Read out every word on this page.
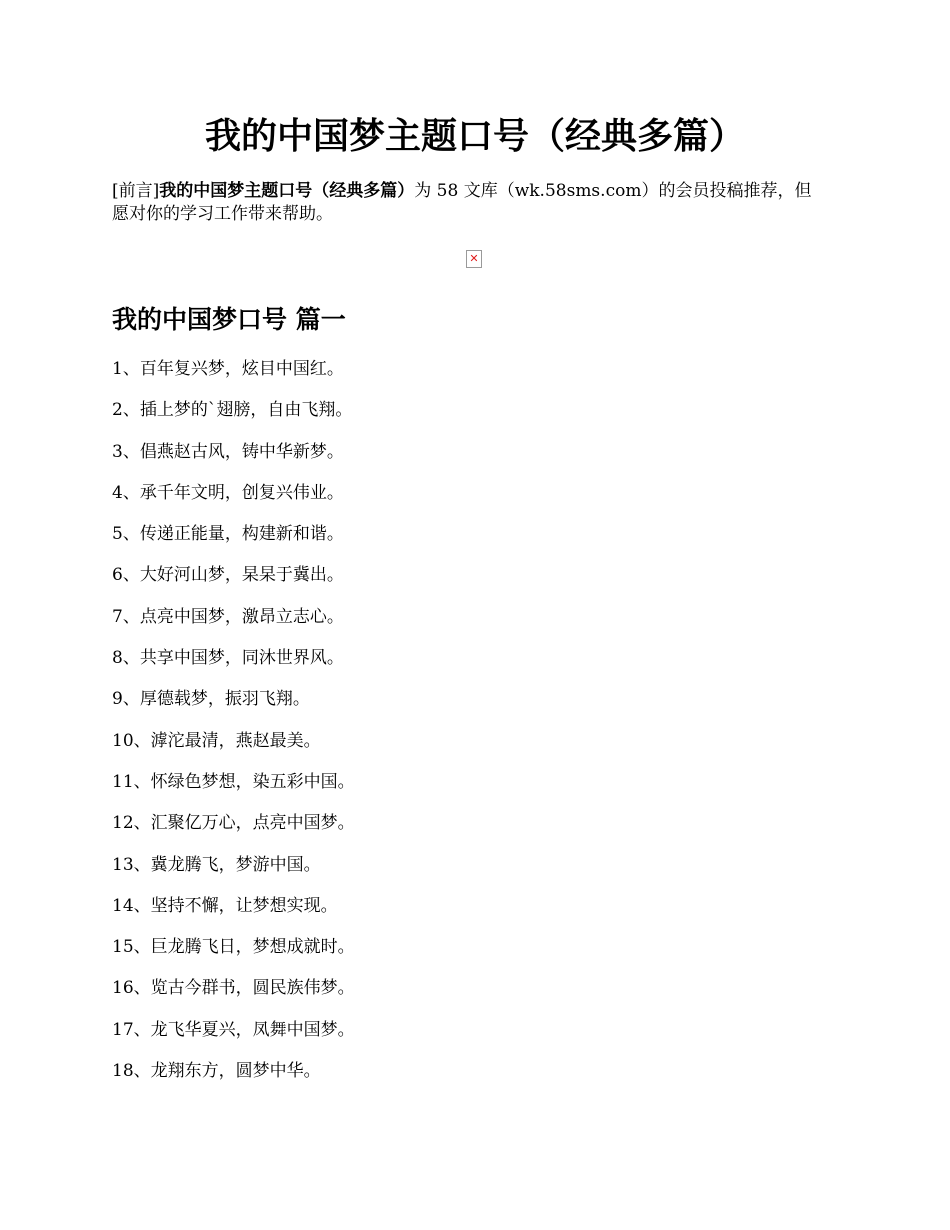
我的中国梦主题口号（经典多篇）

[前言]我的中国梦主题口号（经典多篇）为 58 文库（wk.58sms.com）的会员投稿推荐，但愿对你的学习工作带来帮助。

✕
我的中国梦口号 篇一
1、百年复兴梦，炫目中国红。
2、插上梦的`翅膀，自由飞翔。
3、倡燕赵古风，铸中华新梦。
4、承千年文明，创复兴伟业。
5、传递正能量，构建新和谐。
6、大好河山梦，杲杲于冀出。
7、点亮中国梦，激昂立志心。
8、共享中国梦，同沐世界风。
9、厚德载梦，振羽飞翔。
10、滹沱最清，燕赵最美。
11、怀绿色梦想，染五彩中国。
12、汇聚亿万心，点亮中国梦。
13、冀龙腾飞，梦游中国。
14、坚持不懈，让梦想实现。
15、巨龙腾飞日，梦想成就时。
16、览古今群书，圆民族伟梦。
17、龙飞华夏兴，凤舞中国梦。
18、龙翔东方，圆梦中华。
